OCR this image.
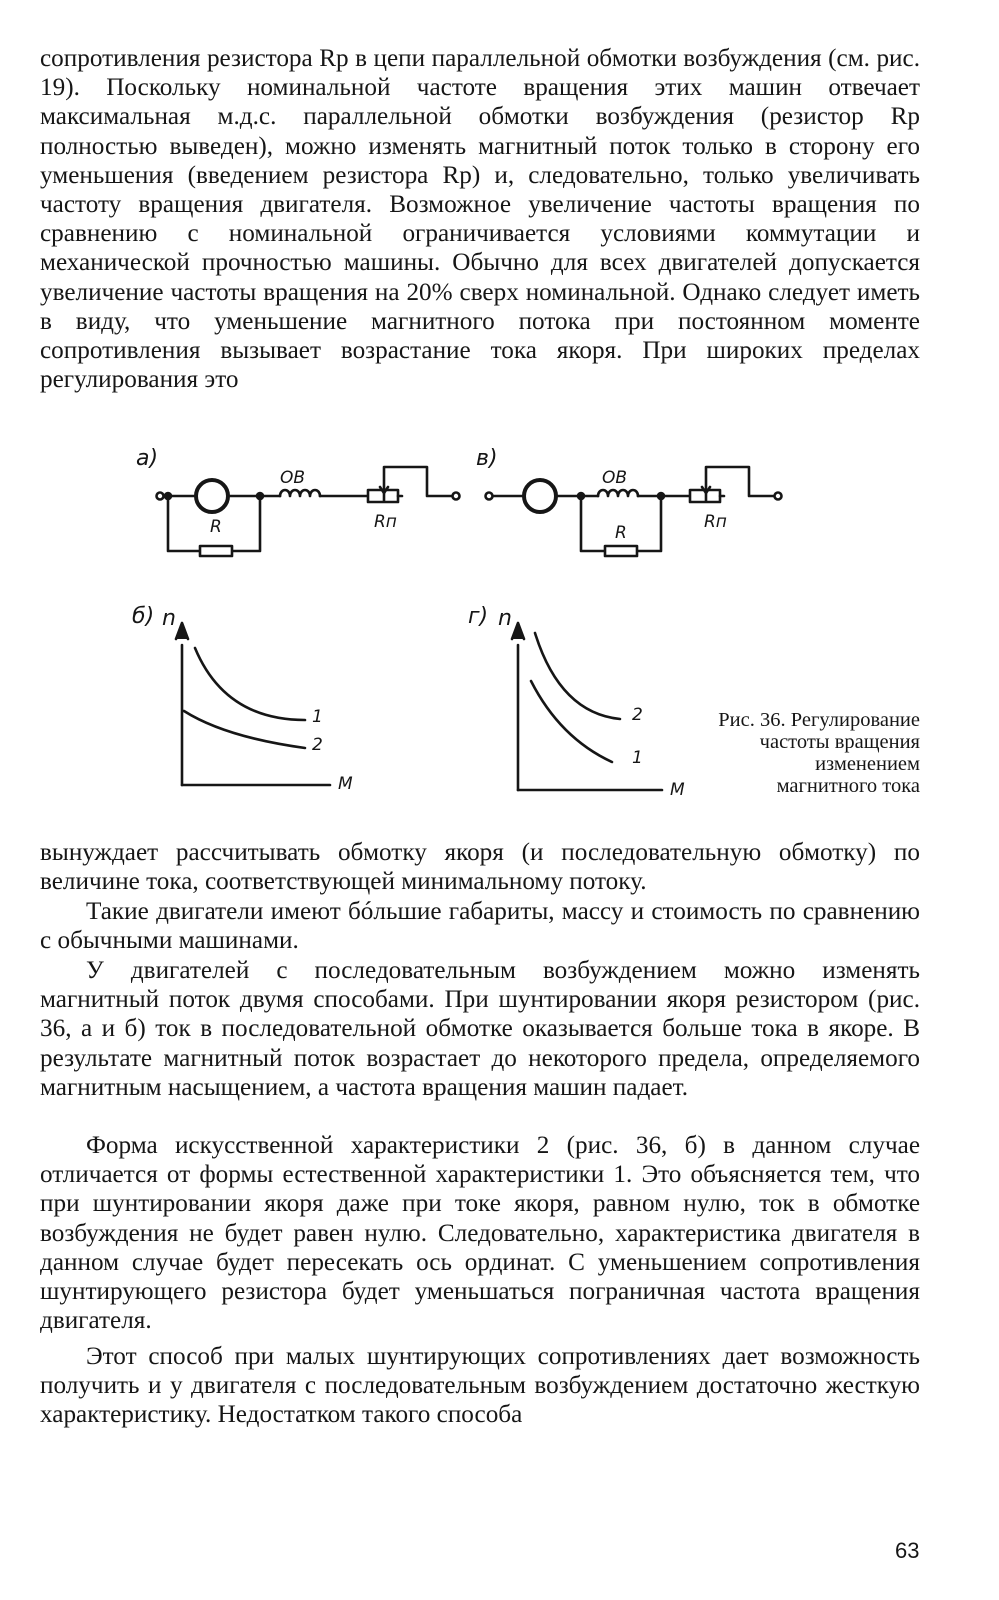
сопротивления резистора Rр в цепи параллельной обмотки возбуждения (см. рис. 19). Поскольку номинальной частоте вращения этих машин отвечает максимальная м.д.с. параллельной обмотки возбуждения (резистор Rр полностью выведен), можно изменять магнитный поток только в сторону его уменьшения (введением резистора Rр) и, следовательно, только увеличивать частоту вращения двигателя. Возможное увеличение частоты вращения по сравнению с номинальной ограничивается условиями коммутации и механической прочностью машины. Обычно для всех двигателей допускается увеличение частоты вращения на 20% сверх номинальной. Однако следует иметь в виду, что уменьшение магнитного потока при постоянном моменте сопротивления вызывает возрастание тока якоря. При широких пределах регулирования это

а)
ОВ
R	Rп
в)
ОВ
R
Rп
б) n
M
1
2
г) n
M
2
1
Рис. 36. Регулирование частоты вращения изменением магнитного тока

вынуждает рассчитывать обмотку якоря (и последовательную обмотку) по величине тока, соответствующей минимальному потоку.

Такие двигатели имеют бóльшие габариты, массу и стоимость по сравнению с обычными машинами.

У двигателей с последовательным возбуждением можно изменять магнитный поток двумя способами. При шунтировании якоря резистором (рис. 36, а и б) ток в последовательной обмотке оказывается больше тока в якоре. В результате магнитный поток возрастает до некоторого предела, определяемого магнитным насыщением, а частота вращения машин падает.

Форма искусственной характеристики 2 (рис. 36, б) в данном случае отличается от формы естественной характеристики 1. Это объясняется тем, что при шунтировании якоря даже при токе якоря, равном нулю, ток в обмотке возбуждения не будет равен нулю. Следовательно, характеристика двигателя в данном случае будет пересекать ось ординат. С уменьшением сопротивления шунтирующего резистора будет уменьшаться пограничная частота вращения двигателя.

Этот способ при малых шунтирующих сопротивлениях дает возможность получить и у двигателя с последовательным возбуждением достаточно жесткую характеристику. Недостатком такого способа

63
